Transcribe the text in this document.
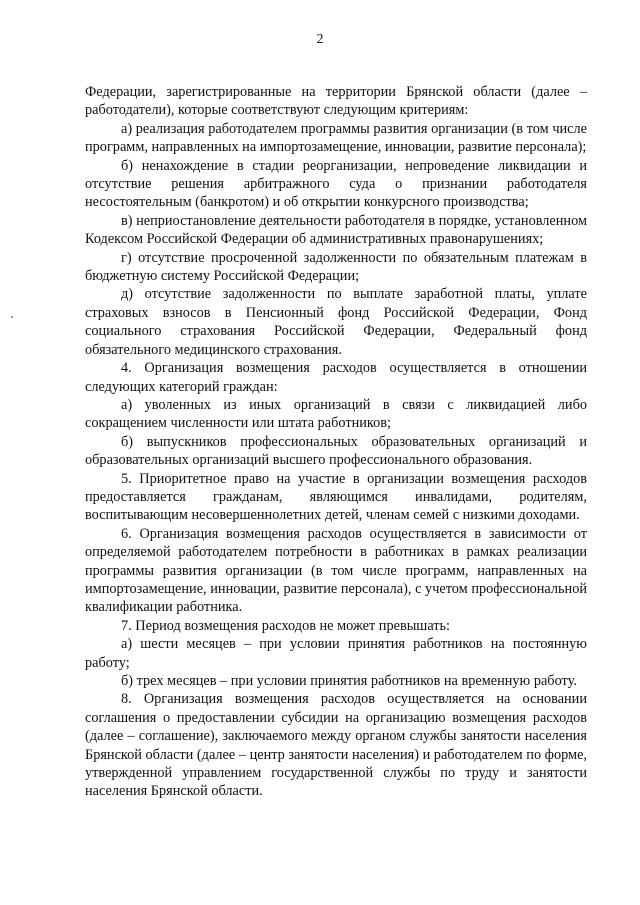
2

Федерации, зарегистрированные на территории Брянской области (далее – работодатели), которые соответствуют следующим критериям:

а) реализация работодателем программы развития организации (в том числе программ, направленных на импортозамещение, инновации, развитие персонала);

б) ненахождение в стадии реорганизации, непроведение ликвидации и отсутствие решения арбитражного суда о признании работодателя несостоятельным (банкротом) и об открытии конкурсного производства;

в) неприостановление деятельности работодателя в порядке, установленном Кодексом Российской Федерации об административных правонарушениях;

г) отсутствие просроченной задолженности по обязательным платежам в бюджетную систему Российской Федерации;

д) отсутствие задолженности по выплате заработной платы, уплате страховых взносов в Пенсионный фонд Российской Федерации, Фонд социального страхования Российской Федерации, Федеральный фонд обязательного медицинского страхования.

4. Организация возмещения расходов осуществляется в отношении следующих категорий граждан:

а) уволенных из иных организаций в связи с ликвидацией либо сокращением численности или штата работников;

б) выпускников профессиональных образовательных организаций и образовательных организаций высшего профессионального образования.

5. Приоритетное право на участие в организации возмещения расходов предоставляется гражданам, являющимся инвалидами, родителям, воспитывающим несовершеннолетних детей, членам семей с низкими доходами.

6. Организация возмещения расходов осуществляется в зависимости от определяемой работодателем потребности в работниках в рамках реализации программы развития организации (в том числе программ, направленных на импортозамещение, инновации, развитие персонала), с учетом профессиональной квалификации работника.

7. Период возмещения расходов не может превышать:

а) шести месяцев – при условии принятия работников на постоянную работу;

б) трех месяцев – при условии принятия работников на временную работу.

8. Организация возмещения расходов осуществляется на основании соглашения о предоставлении субсидии на организацию возмещения расходов (далее – соглашение), заключаемого между органом службы занятости населения Брянской области (далее – центр занятости населения) и работодателем по форме, утвержденной управлением государственной службы по труду и занятости населения Брянской области.
